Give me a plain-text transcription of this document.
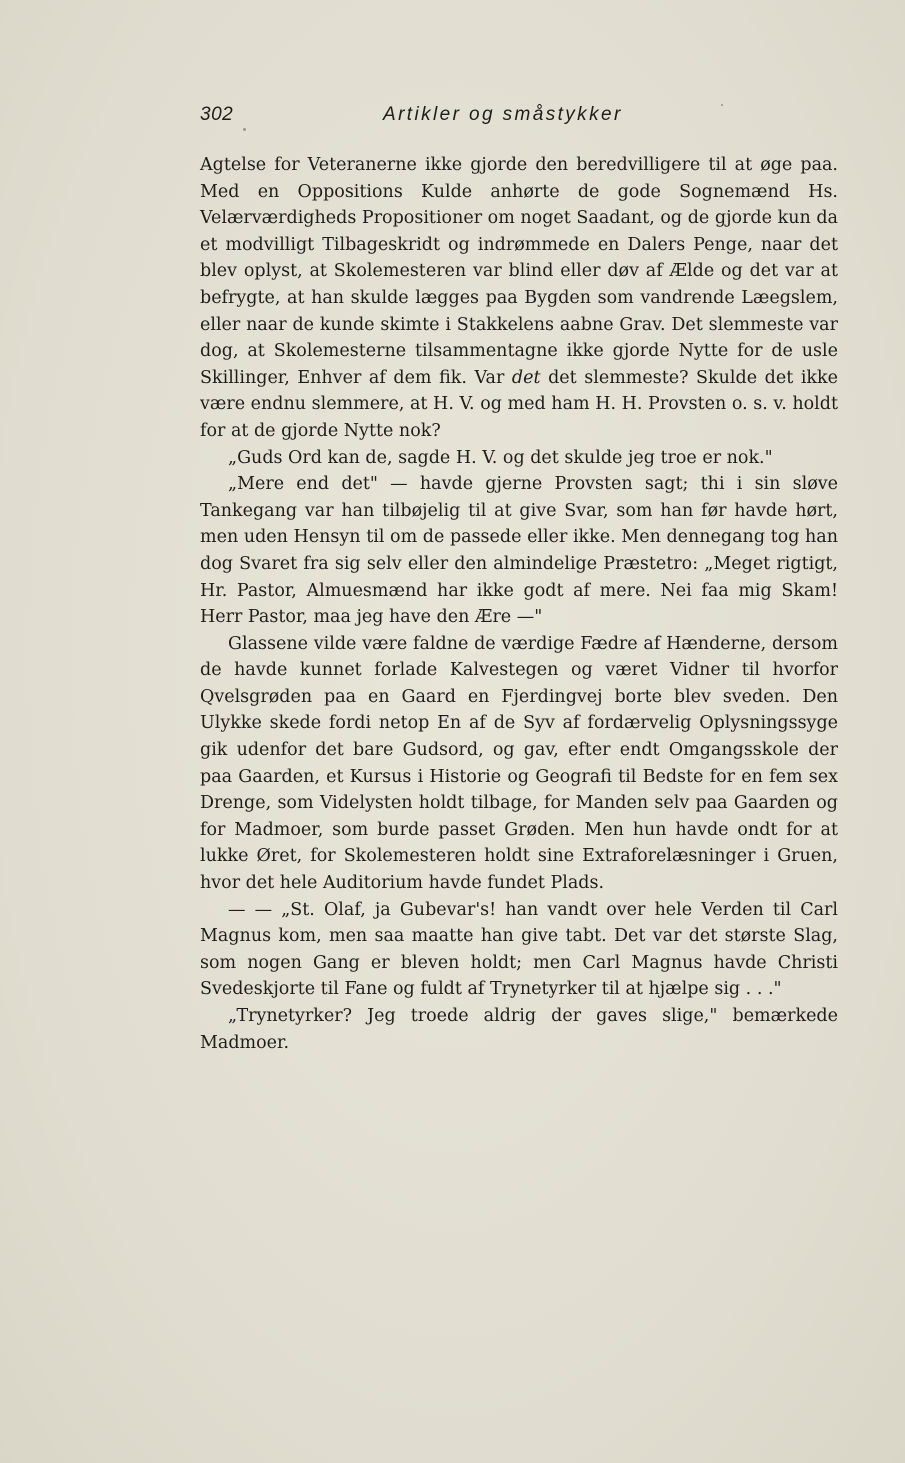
302	Artikler og småstykker

Agtelse for Veteranerne ikke gjorde den beredvilligere til at øge paa. Med en Oppositions Kulde anhørte de gode Sognemænd Hs. Velærværdigheds Propositioner om noget Saadant, og de gjorde kun da et modvilligt Tilbageskridt og indrømmede en Dalers Penge, naar det blev oplyst, at Skolemesteren var blind eller døv af Ælde og det var at befrygte, at han skulde lægges paa Bygden som vandrende Læegslem, eller naar de kunde skimte i Stakkelens aabne Grav. Det slemmeste var dog, at Skolemesterne tilsammentagne ikke gjorde Nytte for de usle Skillinger, Enhver af dem fik. Var det det slemmeste? Skulde det ikke være endnu slemmere, at H. V. og med ham H. H. Provsten o. s. v. holdt for at de gjorde Nytte nok?

„Guds Ord kan de, sagde H. V. og det skulde jeg troe er nok."

„Mere end det" — havde gjerne Provsten sagt; thi i sin sløve Tankegang var han tilbøjelig til at give Svar, som han før havde hørt, men uden Hensyn til om de passede eller ikke. Men dennegang tog han dog Svaret fra sig selv eller den almindelige Præstetro: „Meget rigtigt, Hr. Pastor, Almuesmænd har ikke godt af mere. Nei faa mig Skam! Herr Pastor, maa jeg have den Ære —"

Glassene vilde være faldne de værdige Fædre af Hænderne, dersom de havde kunnet forlade Kalvestegen og været Vidner til hvorfor Qvelsgrøden paa en Gaard en Fjerdingvej borte blev sveden. Den Ulykke skede fordi netop En af de Syv af fordærvelig Oplysningssyge gik udenfor det bare Gudsord, og gav, efter endt Omgangsskole der paa Gaarden, et Kursus i Historie og Geografi til Bedste for en fem sex Drenge, som Videlysten holdt tilbage, for Manden selv paa Gaarden og for Madmoer, som burde passet Grøden. Men hun havde ondt for at lukke Øret, for Skolemesteren holdt sine Extraforelæsninger i Gruen, hvor det hele Auditorium havde fundet Plads.

— — „St. Olaf, ja Gubevar's! han vandt over hele Verden til Carl Magnus kom, men saa maatte han give tabt. Det var det største Slag, som nogen Gang er bleven holdt; men Carl Magnus havde Christi Svedeskjorte til Fane og fuldt af Trynetyrker til at hjælpe sig . . ."

„Trynetyrker? Jeg troede aldrig der gaves slige," bemærkede Madmoer.
